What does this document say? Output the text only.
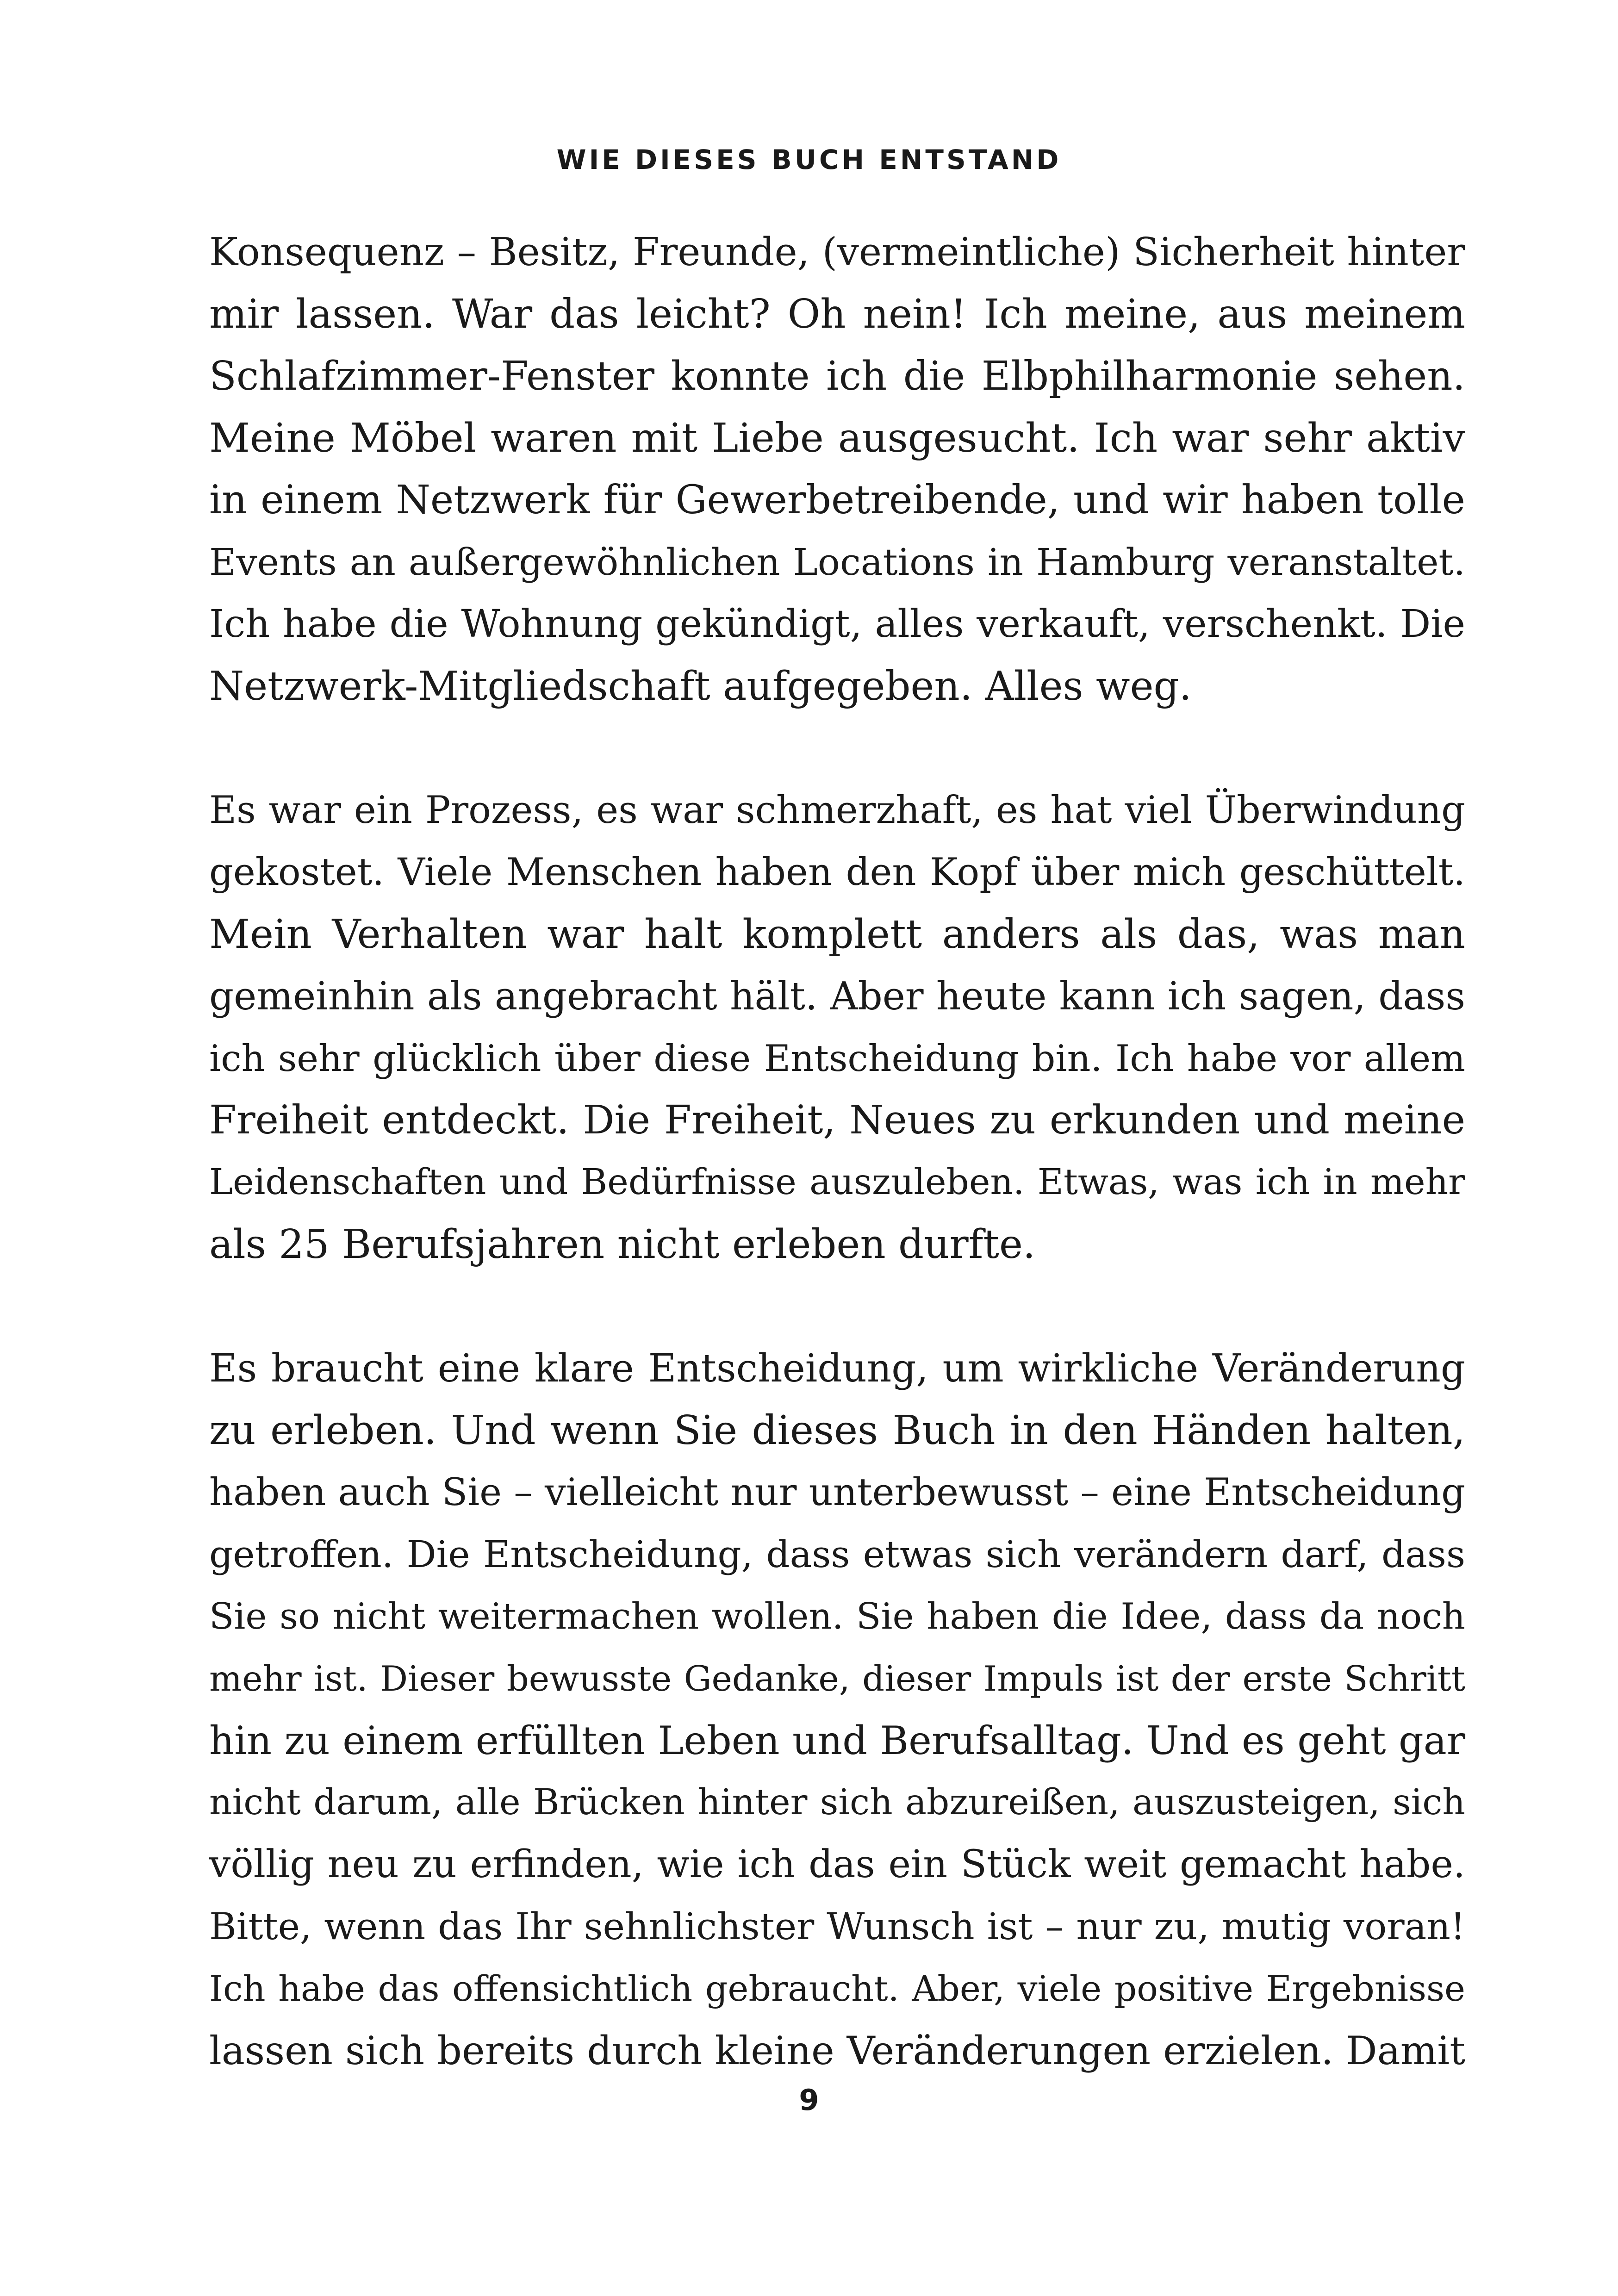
WIE DIESES BUCH ENTSTAND
Konsequenz – Besitz, Freunde, (vermeintliche) Sicherheit hinter
mir lassen. War das leicht? Oh nein! Ich meine, aus meinem
Schlafzimmer-Fenster konnte ich die Elbphilharmonie sehen.
Meine Möbel waren mit Liebe ausgesucht. Ich war sehr aktiv
in einem Netzwerk für Gewerbetreibende, und wir haben tolle
Events an außergewöhnlichen Locations in Hamburg veranstaltet.
Ich habe die Wohnung gekündigt, alles verkauft, verschenkt. Die
Netzwerk-Mitgliedschaft aufgegeben. Alles weg.
Es war ein Prozess, es war schmerzhaft, es hat viel Überwindung
gekostet. Viele Menschen haben den Kopf über mich geschüttelt.
Mein Verhalten war halt komplett anders als das, was man
gemeinhin als angebracht hält. Aber heute kann ich sagen, dass
ich sehr glücklich über diese Entscheidung bin. Ich habe vor allem
Freiheit entdeckt. Die Freiheit, Neues zu erkunden und meine
Leidenschaften und Bedürfnisse auszuleben. Etwas, was ich in mehr
als 25 Berufsjahren nicht erleben durfte.
Es braucht eine klare Entscheidung, um wirkliche Veränderung
zu erleben. Und wenn Sie dieses Buch in den Händen halten,
haben auch Sie – vielleicht nur unterbewusst – eine Entscheidung
getroffen. Die Entscheidung, dass etwas sich verändern darf, dass
Sie so nicht weitermachen wollen. Sie haben die Idee, dass da noch
mehr ist. Dieser bewusste Gedanke, dieser Impuls ist der erste Schritt
hin zu einem erfüllten Leben und Berufsalltag. Und es geht gar
nicht darum, alle Brücken hinter sich abzureißen, auszusteigen, sich
völlig neu zu erfinden, wie ich das ein Stück weit gemacht habe.
Bitte, wenn das Ihr sehnlichster Wunsch ist – nur zu, mutig voran!
Ich habe das offensichtlich gebraucht. Aber, viele positive Ergebnisse
lassen sich bereits durch kleine Veränderungen erzielen. Damit
9
